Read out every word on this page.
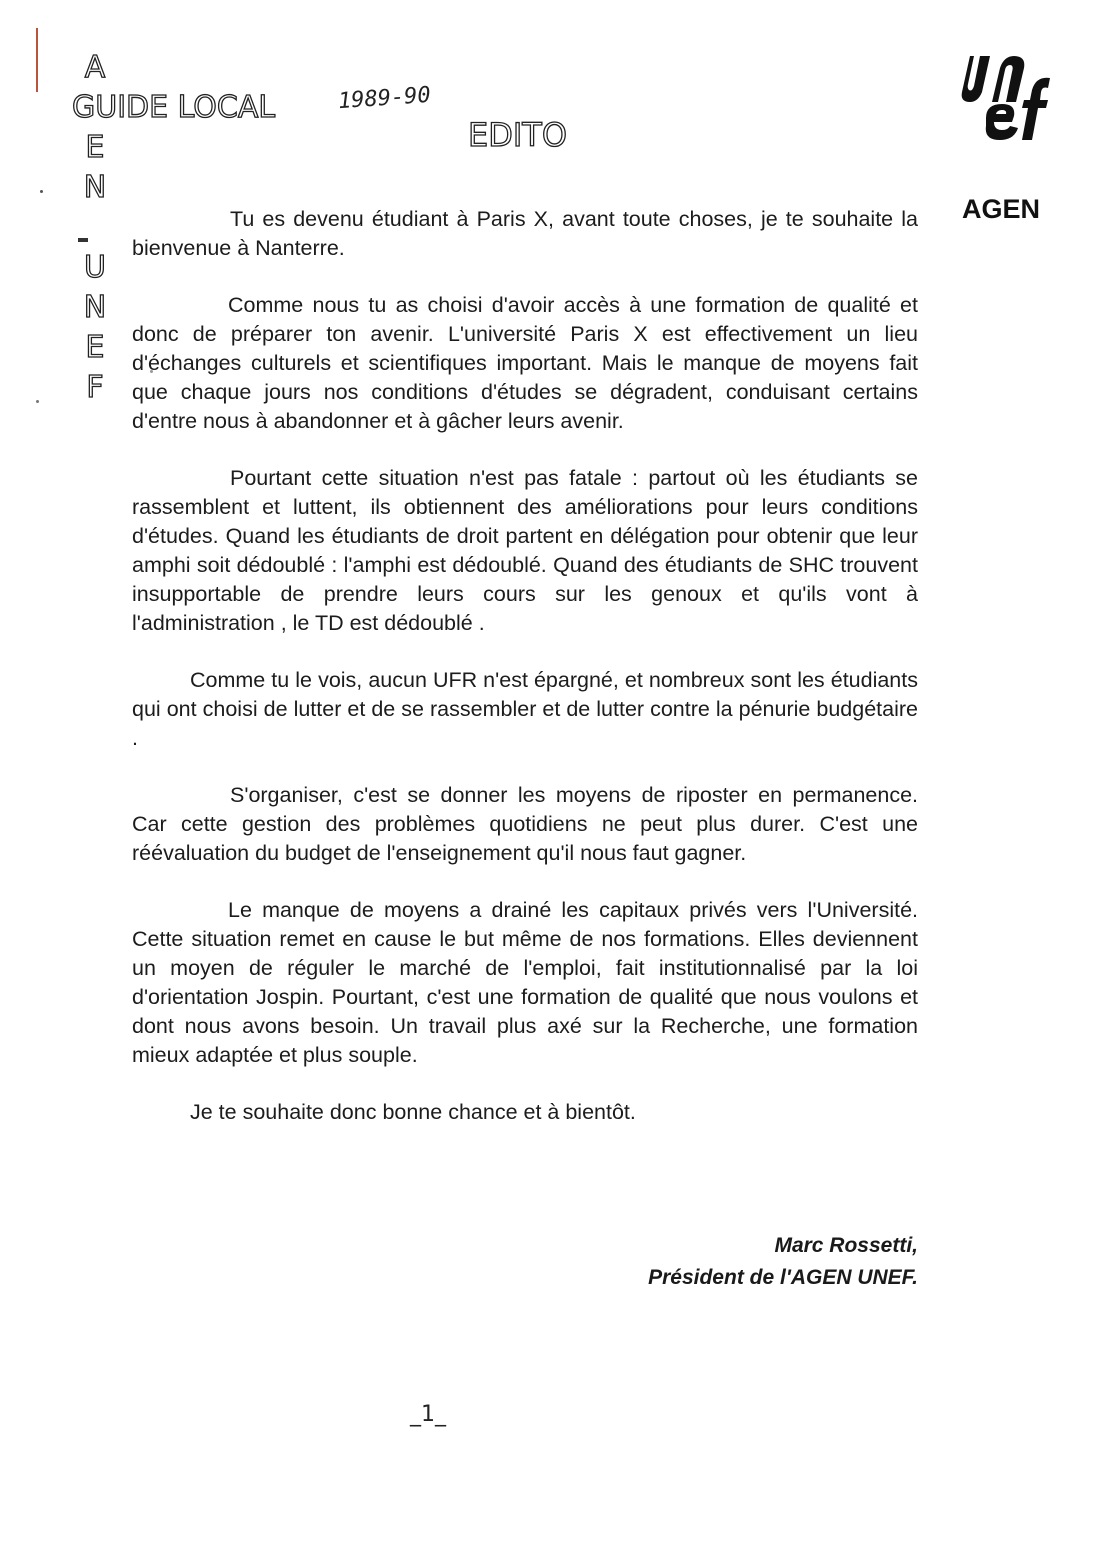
A
E
N
U
N
E
F
GUIDE LOCAL	1989-90
EDITO
AGEN

Tu es devenu étudiant à Paris X, avant toute choses, je te souhaite la bienvenue à Nanterre.

Comme nous tu as choisi d'avoir accès à une formation de qualité et donc de préparer ton avenir. L'université Paris X est effectivement un lieu d'échanges culturels et scientifiques important. Mais le manque de moyens fait que chaque jours nos conditions d'études se dégradent, conduisant certains d'entre nous à abandonner et à gâcher leurs avenir.

Pourtant cette situation n'est pas fatale : partout où les étudiants se rassemblent et luttent, ils obtiennent des améliorations pour leurs conditions d'études. Quand les étudiants de droit partent en délégation pour obtenir que leur amphi soit dédoublé : l'amphi est dédoublé. Quand des étudiants de SHC trouvent insupportable de prendre leurs cours sur les genoux et qu'ils vont à l'administration , le TD est dédoublé .

Comme tu le vois, aucun UFR n'est épargné, et nombreux sont les étudiants qui ont choisi de lutter et de se rassembler et de lutter contre la pénurie budgétaire .

S'organiser, c'est se donner les moyens de riposter en permanence. Car cette gestion des problèmes quotidiens ne peut plus durer. C'est une réévaluation du budget de l'enseignement qu'il nous faut gagner.

Le manque de moyens a drainé les capitaux privés vers l'Université. Cette situation remet en cause le but même de nos formations. Elles deviennent un moyen de réguler le marché de l'emploi, fait institutionnalisé par la loi d'orientation Jospin. Pourtant, c'est une formation de qualité que nous voulons et dont nous avons besoin. Un travail plus axé sur la Recherche, une formation mieux adaptée et plus souple.

Je te souhaite donc bonne chance et à bientôt.

Marc Rossetti,
Président de l'AGEN UNEF.
_1_
